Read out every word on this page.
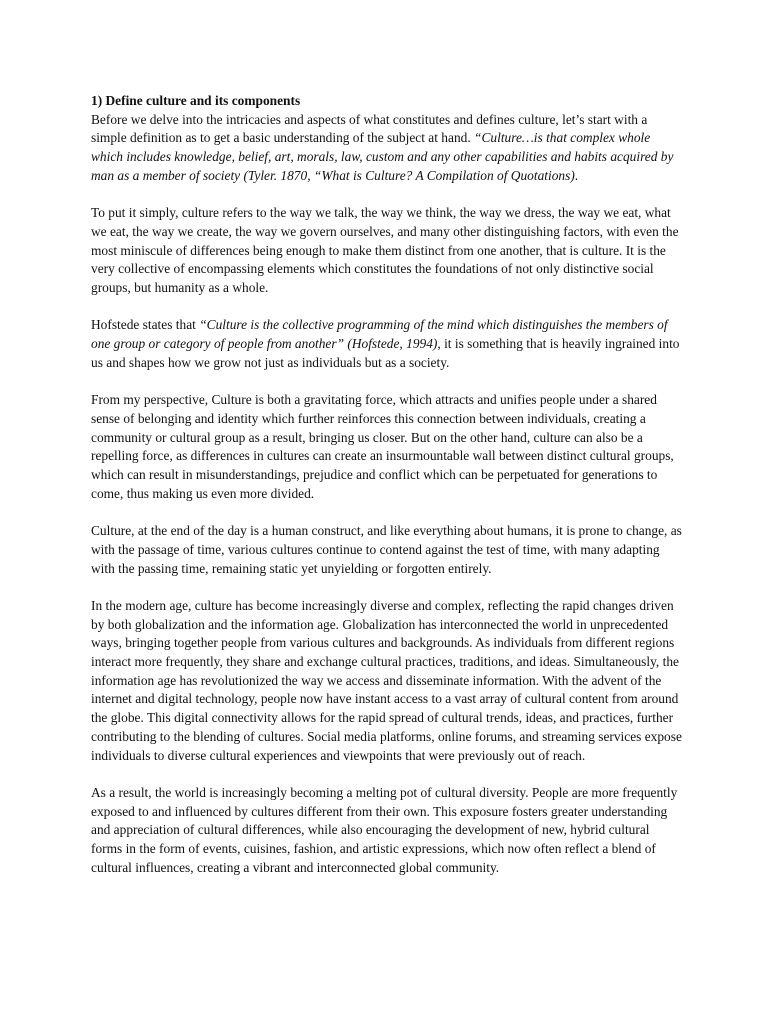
1) Define culture and its components

Before we delve into the intricacies and aspects of what constitutes and defines culture, let’s start with a simple definition as to get a basic understanding of the subject at hand. “Culture…is that complex whole which includes knowledge, belief, art, morals, law, custom and any other capabilities and habits acquired by man as a member of society (Tyler. 1870, “What is Culture? A Compilation of Quotations).

To put it simply, culture refers to the way we talk, the way we think, the way we dress, the way we eat, what we eat, the way we create, the way we govern ourselves, and many other distinguishing factors, with even the most miniscule of differences being enough to make them distinct from one another, that is culture. It is the very collective of encompassing elements which constitutes the foundations of not only distinctive social groups, but humanity as a whole.

Hofstede states that “Culture is the collective programming of the mind which distinguishes the members of one group or category of people from another” (Hofstede, 1994), it is something that is heavily ingrained into us and shapes how we grow not just as individuals but as a society.

From my perspective, Culture is both a gravitating force, which attracts and unifies people under a shared sense of belonging and identity which further reinforces this connection between individuals, creating a community or cultural group as a result, bringing us closer. But on the other hand, culture can also be a repelling force, as differences in cultures can create an insurmountable wall between distinct cultural groups, which can result in misunderstandings, prejudice and conflict which can be perpetuated for generations to come, thus making us even more divided.

Culture, at the end of the day is a human construct, and like everything about humans, it is prone to change, as with the passage of time, various cultures continue to contend against the test of time, with many adapting with the passing time, remaining static yet unyielding or forgotten entirely.

In the modern age, culture has become increasingly diverse and complex, reflecting the rapid changes driven by both globalization and the information age. Globalization has interconnected the world in unprecedented ways, bringing together people from various cultures and backgrounds. As individuals from different regions interact more frequently, they share and exchange cultural practices, traditions, and ideas. Simultaneously, the information age has revolutionized the way we access and disseminate information. With the advent of the internet and digital technology, people now have instant access to a vast array of cultural content from around the globe. This digital connectivity allows for the rapid spread of cultural trends, ideas, and practices, further contributing to the blending of cultures. Social media platforms, online forums, and streaming services expose individuals to diverse cultural experiences and viewpoints that were previously out of reach.

As a result, the world is increasingly becoming a melting pot of cultural diversity. People are more frequently exposed to and influenced by cultures different from their own. This exposure fosters greater understanding and appreciation of cultural differences, while also encouraging the development of new, hybrid cultural forms in the form of events, cuisines, fashion, and artistic expressions, which now often reflect a blend of cultural influences, creating a vibrant and interconnected global community.
